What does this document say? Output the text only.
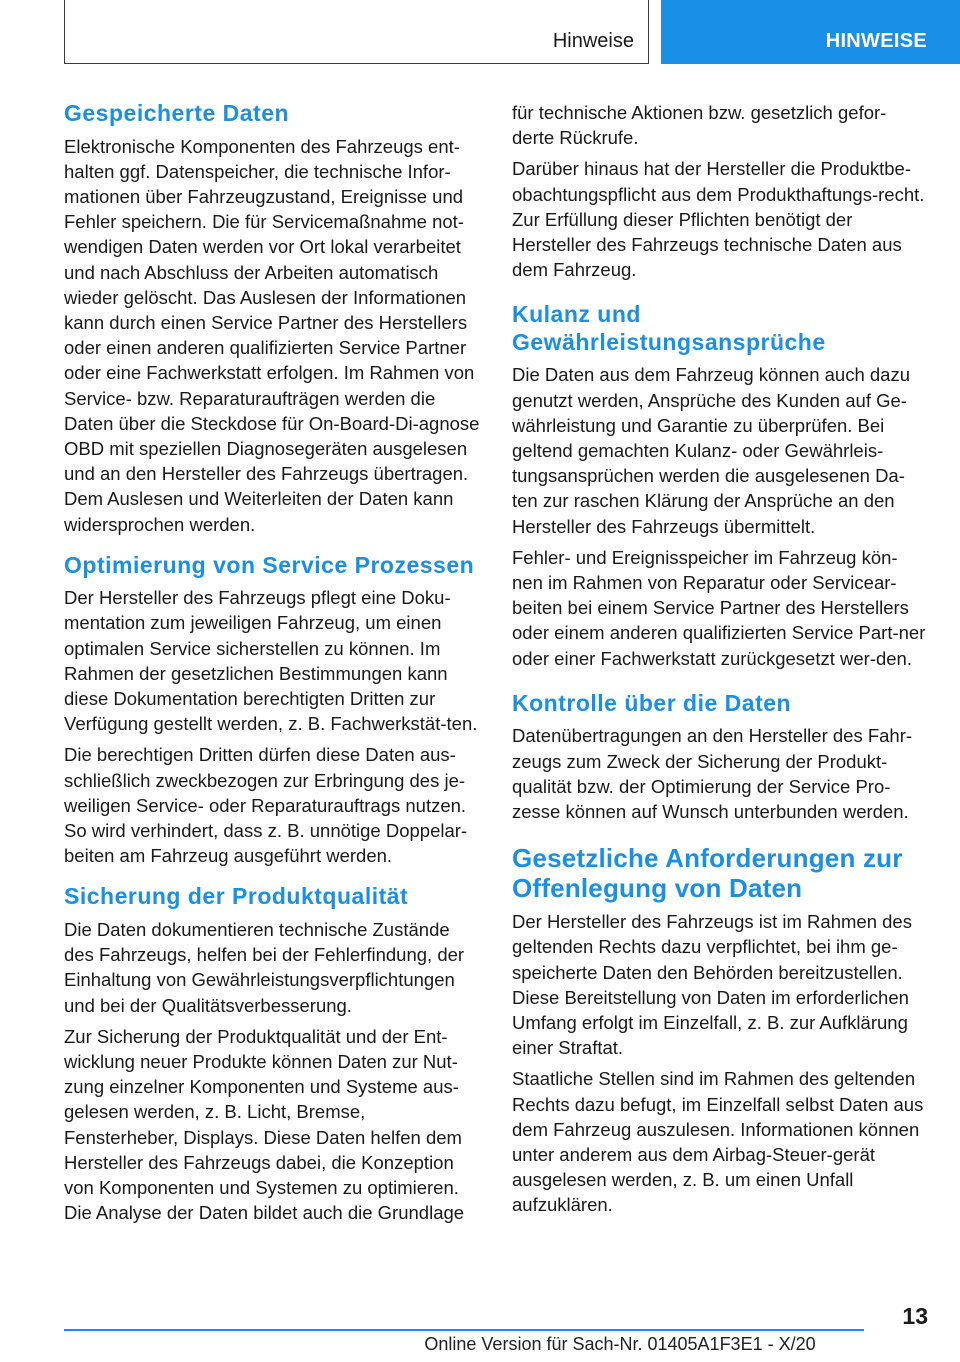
Hinweise	HINWEISE
Gespeicherte Daten

Elektronische Komponenten des Fahrzeugs ent-halten ggf. Datenspeicher, die technische Infor-mationen über Fahrzeugzustand, Ereignisse und Fehler speichern. Die für Servicemaßnahme not-wendigen Daten werden vor Ort lokal verarbeitet und nach Abschluss der Arbeiten automatisch wieder gelöscht. Das Auslesen der Informationen kann durch einen Service Partner des Herstellers oder einen anderen qualifizierten Service Partner oder eine Fachwerkstatt erfolgen. Im Rahmen von Service- bzw. Reparaturaufträgen werden die Daten über die Steckdose für On-Board-Di-agnose OBD mit speziellen Diagnosegeräten ausgelesen und an den Hersteller des Fahrzeugs übertragen. Dem Auslesen und Weiterleiten der Daten kann widersprochen werden.

Optimierung von Service Prozessen

Der Hersteller des Fahrzeugs pflegt eine Doku-mentation zum jeweiligen Fahrzeug, um einen optimalen Service sicherstellen zu können. Im Rahmen der gesetzlichen Bestimmungen kann diese Dokumentation berechtigten Dritten zur Verfügung gestellt werden, z. B. Fachwerkstät-ten.

Die berechtigen Dritten dürfen diese Daten aus-schließlich zweckbezogen zur Erbringung des je-weiligen Service- oder Reparaturauftrags nutzen. So wird verhindert, dass z. B. unnötige Doppelar-beiten am Fahrzeug ausgeführt werden.

Sicherung der Produktqualität

Die Daten dokumentieren technische Zustände des Fahrzeugs, helfen bei der Fehlerfindung, der Einhaltung von Gewährleistungsverpflichtungen und bei der Qualitätsverbesserung.

Zur Sicherung der Produktqualität und der Ent-wicklung neuer Produkte können Daten zur Nut-zung einzelner Komponenten und Systeme aus-gelesen werden, z. B. Licht, Bremse, Fensterheber, Displays. Diese Daten helfen dem Hersteller des Fahrzeugs dabei, die Konzeption von Komponenten und Systemen zu optimieren. Die Analyse der Daten bildet auch die Grundlage

für technische Aktionen bzw. gesetzlich gefor-derte Rückrufe.

Darüber hinaus hat der Hersteller die Produktbe-obachtungspflicht aus dem Produkthaftungs-recht. Zur Erfüllung dieser Pflichten benötigt der Hersteller des Fahrzeugs technische Daten aus dem Fahrzeug.

Kulanz und
Gewährleistungsansprüche

Die Daten aus dem Fahrzeug können auch dazu genutzt werden, Ansprüche des Kunden auf Ge-währleistung und Garantie zu überprüfen. Bei geltend gemachten Kulanz- oder Gewährleis-tungsansprüchen werden die ausgelesenen Da-ten zur raschen Klärung der Ansprüche an den Hersteller des Fahrzeugs übermittelt.

Fehler- und Ereignisspeicher im Fahrzeug kön-nen im Rahmen von Reparatur oder Servicear-beiten bei einem Service Partner des Herstellers oder einem anderen qualifizierten Service Part-ner oder einer Fachwerkstatt zurückgesetzt wer-den.

Kontrolle über die Daten

Datenübertragungen an den Hersteller des Fahr-zeugs zum Zweck der Sicherung der Produkt-qualität bzw. der Optimierung der Service Pro-zesse können auf Wunsch unterbunden werden.

Gesetzliche Anforderungen zur
Offenlegung von Daten

Der Hersteller des Fahrzeugs ist im Rahmen des geltenden Rechts dazu verpflichtet, bei ihm ge-speicherte Daten den Behörden bereitzustellen. Diese Bereitstellung von Daten im erforderlichen Umfang erfolgt im Einzelfall, z. B. zur Aufklärung einer Straftat.

Staatliche Stellen sind im Rahmen des geltenden Rechts dazu befugt, im Einzelfall selbst Daten aus dem Fahrzeug auszulesen. Informationen können unter anderem aus dem Airbag-Steuer-gerät ausgelesen werden, z. B. um einen Unfall aufzuklären.

13
Online Version für Sach-Nr. 01405A1F3E1 - X/20
